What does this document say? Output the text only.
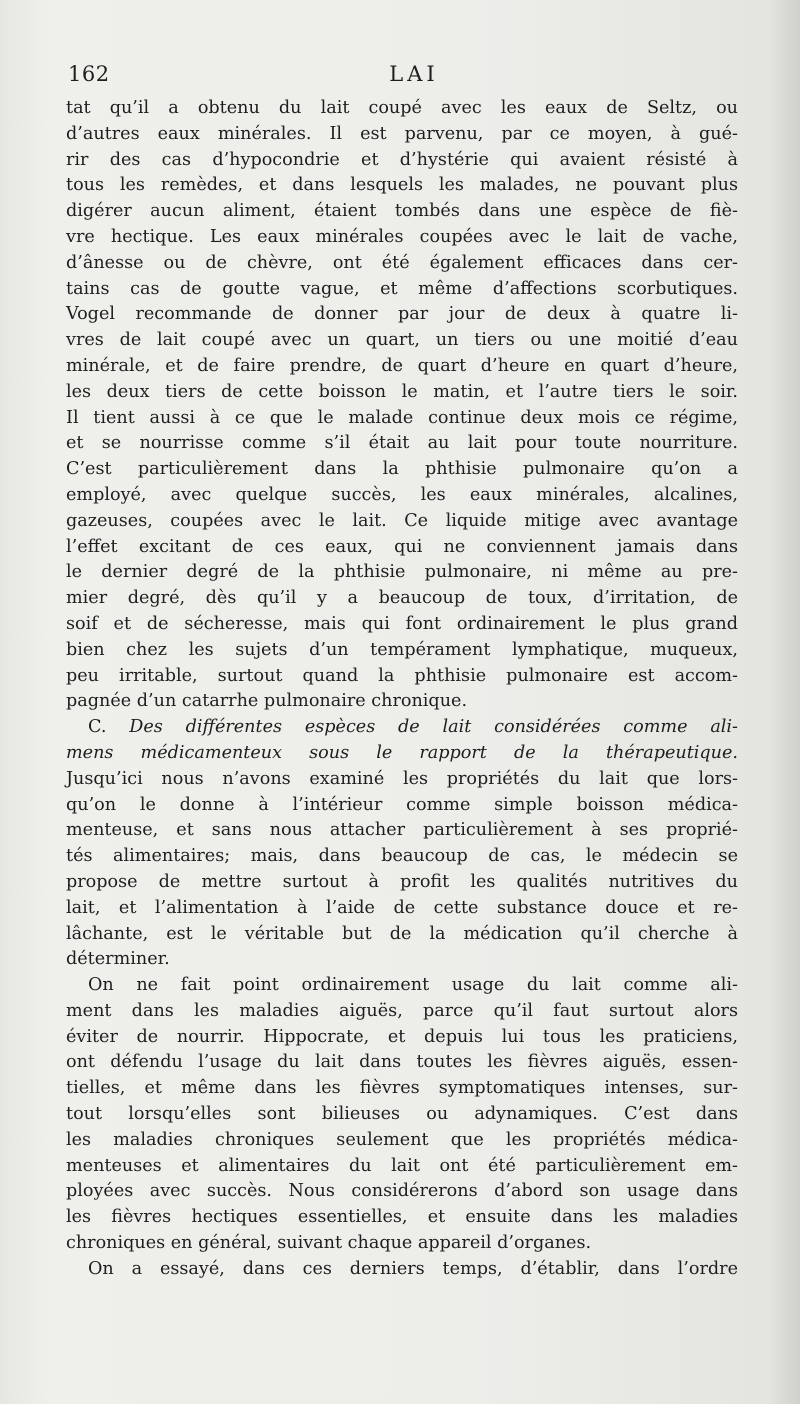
162	LAI
tat qu’il a obtenu du lait coupé avec les eaux de Seltz, ou
d’autres eaux minérales. Il est parvenu, par ce moyen, à gué-
rir des cas d’hypocondrie et d’hystérie qui avaient résisté à
tous les remèdes, et dans lesquels les malades, ne pouvant plus
digérer aucun aliment, étaient tombés dans une espèce de fiè-
vre hectique. Les eaux minérales coupées avec le lait de vache,
d’ânesse ou de chèvre, ont été également efficaces dans cer-
tains cas de goutte vague, et même d’affections scorbutiques.
Vogel recommande de donner par jour de deux à quatre li-
vres de lait coupé avec un quart, un tiers ou une moitié d’eau
minérale, et de faire prendre, de quart d’heure en quart d’heure,
les deux tiers de cette boisson le matin, et l’autre tiers le soir.
Il tient aussi à ce que le malade continue deux mois ce régime,
et se nourrisse comme s’il était au lait pour toute nourriture.
C’est particulièrement dans la phthisie pulmonaire qu’on a
employé, avec quelque succès, les eaux minérales, alcalines,
gazeuses, coupées avec le lait. Ce liquide mitige avec avantage
l’effet excitant de ces eaux, qui ne conviennent jamais dans
le dernier degré de la phthisie pulmonaire, ni même au pre-
mier degré, dès qu’il y a beaucoup de toux, d’irritation, de
soif et de sécheresse, mais qui font ordinairement le plus grand
bien chez les sujets d’un tempérament lymphatique, muqueux,
peu irritable, surtout quand la phthisie pulmonaire est accom-
pagnée d’un catarrhe pulmonaire chronique.
C. Des différentes espèces de lait considérées comme ali-
mens médicamenteux sous le rapport de la thérapeutique.
Jusqu’ici nous n’avons examiné les propriétés du lait que lors-
qu’on le donne à l’intérieur comme simple boisson médica-
menteuse, et sans nous attacher particulièrement à ses proprié-
tés alimentaires; mais, dans beaucoup de cas, le médecin se
propose de mettre surtout à profit les qualités nutritives du
lait, et l’alimentation à l’aide de cette substance douce et re-
lâchante, est le véritable but de la médication qu’il cherche à
déterminer.
On ne fait point ordinairement usage du lait comme ali-
ment dans les maladies aiguës, parce qu’il faut surtout alors
éviter de nourrir. Hippocrate, et depuis lui tous les praticiens,
ont défendu l’usage du lait dans toutes les fièvres aiguës, essen-
tielles, et même dans les fièvres symptomatiques intenses, sur-
tout lorsqu’elles sont bilieuses ou adynamiques. C’est dans
les maladies chroniques seulement que les propriétés médica-
menteuses et alimentaires du lait ont été particulièrement em-
ployées avec succès. Nous considérerons d’abord son usage dans
les fièvres hectiques essentielles, et ensuite dans les maladies
chroniques en général, suivant chaque appareil d’organes.
On a essayé, dans ces derniers temps, d’établir, dans l’ordre
